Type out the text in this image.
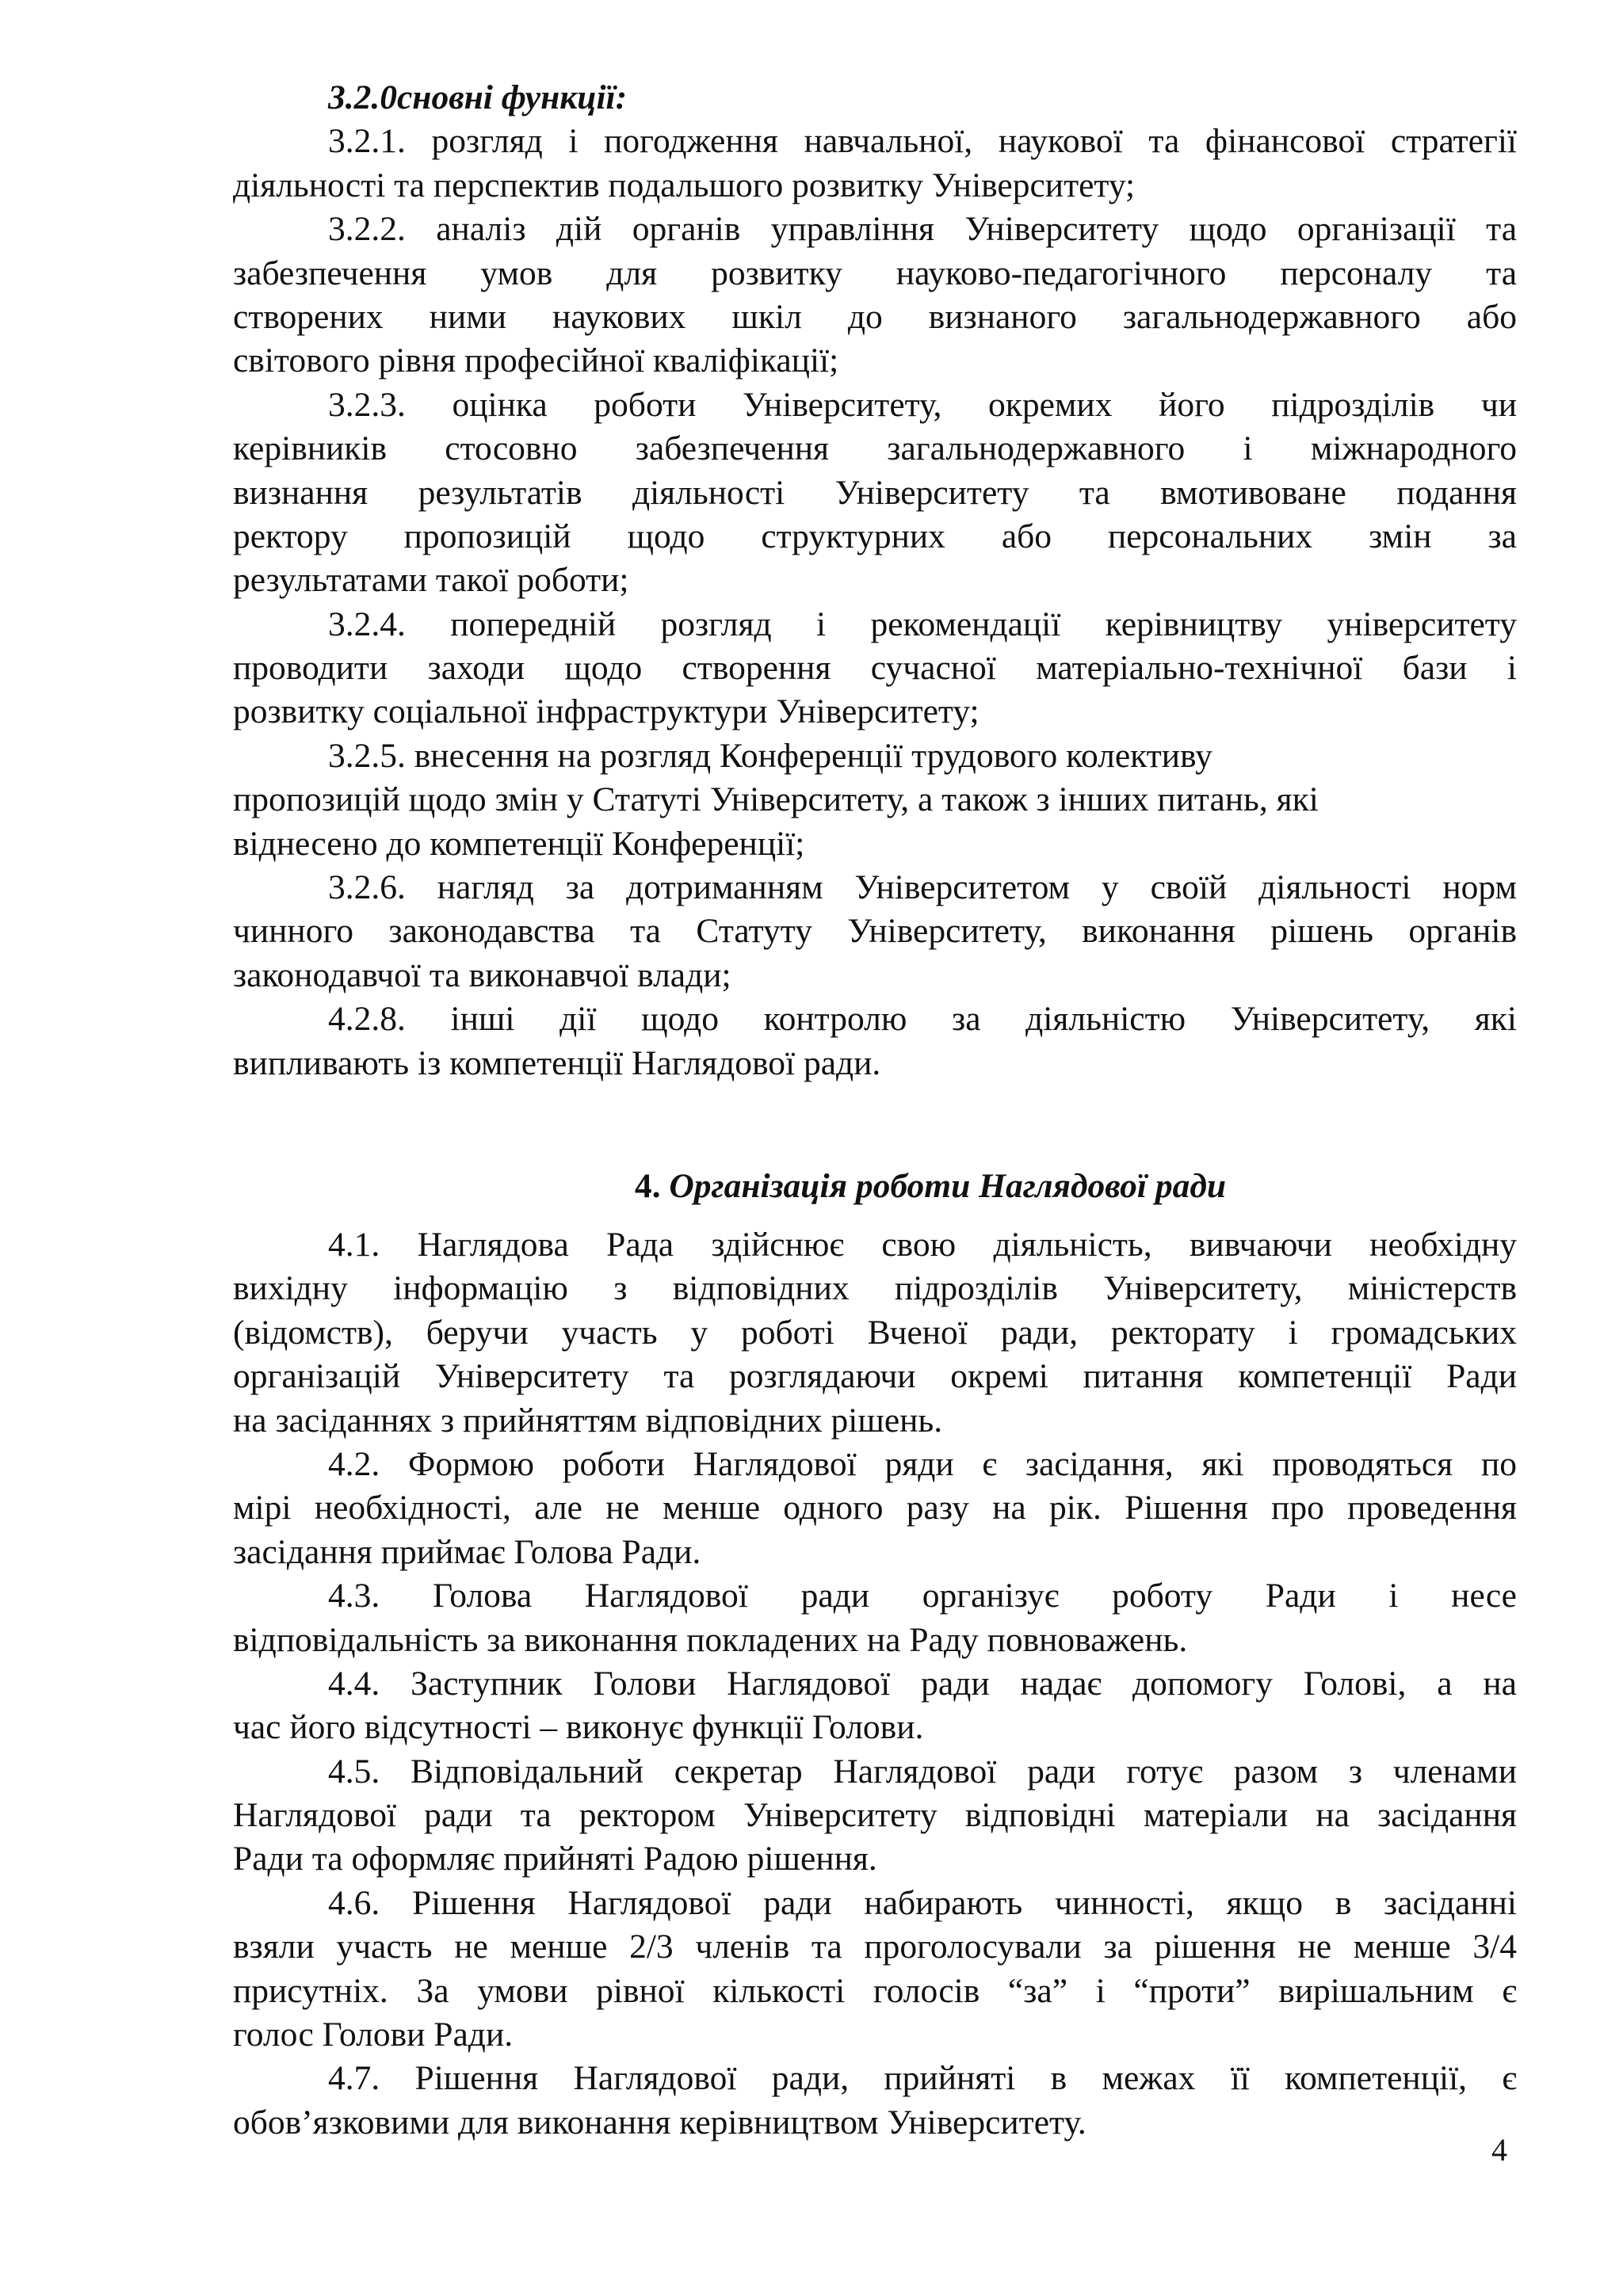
3.2.0сновні функції:
3.2.1. розгляд і погодження навчальної, наукової та фінансової стратегії
діяльності та перспектив подальшого розвитку Університету;
3.2.2. аналіз дій органів управління Університету щодо організації та
забезпечення умов для розвитку науково-педагогічного персоналу та
створених ними наукових шкіл до визнаного загальнодержавного або
світового рівня професійної кваліфікації;
3.2.3. оцінка роботи Університету, окремих його підрозділів чи
керівників стосовно забезпечення загальнодержавного і міжнародного
визнання результатів діяльності Університету та вмотивоване подання
ректору пропозицій щодо структурних або персональних змін за
результатами такої роботи;
3.2.4. попередній розгляд і рекомендації керівництву університету
проводити заходи щодо створення сучасної матеріально-технічної бази і
розвитку соціальної інфраструктури Університету;
3.2.5. внесення на розгляд Конференції трудового колективу
пропозицій щодо змін у Статуті Університету, а також з інших питань, які
віднесено до компетенції Конференції;
3.2.6. нагляд за дотриманням Університетом у своїй діяльності норм
чинного законодавства та Статуту Університету, виконання рішень органів
законодавчої та виконавчої влади;
4.2.8. інші дії щодо контролю за діяльністю Університету, які
випливають із компетенції Наглядової ради.
4. Організація роботи Наглядової ради
4.1. Наглядова Рада здійснює свою діяльність, вивчаючи необхідну
вихідну інформацію з відповідних підрозділів Університету, міністерств
(відомств), беручи участь у роботі Вченої ради, ректорату і громадських
організацій Університету та розглядаючи окремі питання компетенції Ради
на засіданнях з прийняттям відповідних рішень.
4.2. Формою роботи Наглядової ряди є засідання, які проводяться по
мірі необхідності, але не менше одного разу на рік. Рішення про проведення
засідання приймає Голова Ради.
4.3. Голова Наглядової ради організує роботу Ради і несе
відповідальність за виконання покладених на Раду повноважень.
4.4. Заступник Голови Наглядової ради надає допомогу Голові, а на
час його відсутності – виконує функції Голови.
4.5. Відповідальний секретар Наглядової ради готує разом з членами
Наглядової ради та ректором Університету відповідні матеріали на засідання
Ради та оформляє прийняті Радою рішення.
4.6. Рішення Наглядової ради набирають чинності, якщо в засіданні
взяли участь не менше 2/3 членів та проголосували за рішення не менше 3/4
присутніх. За умови рівної кількості голосів “за” і “проти” вирішальним є
голос Голови Ради.
4.7. Рішення Наглядової ради, прийняті в межах її компетенції, є
обов’язковими для виконання керівництвом Університету.
4
